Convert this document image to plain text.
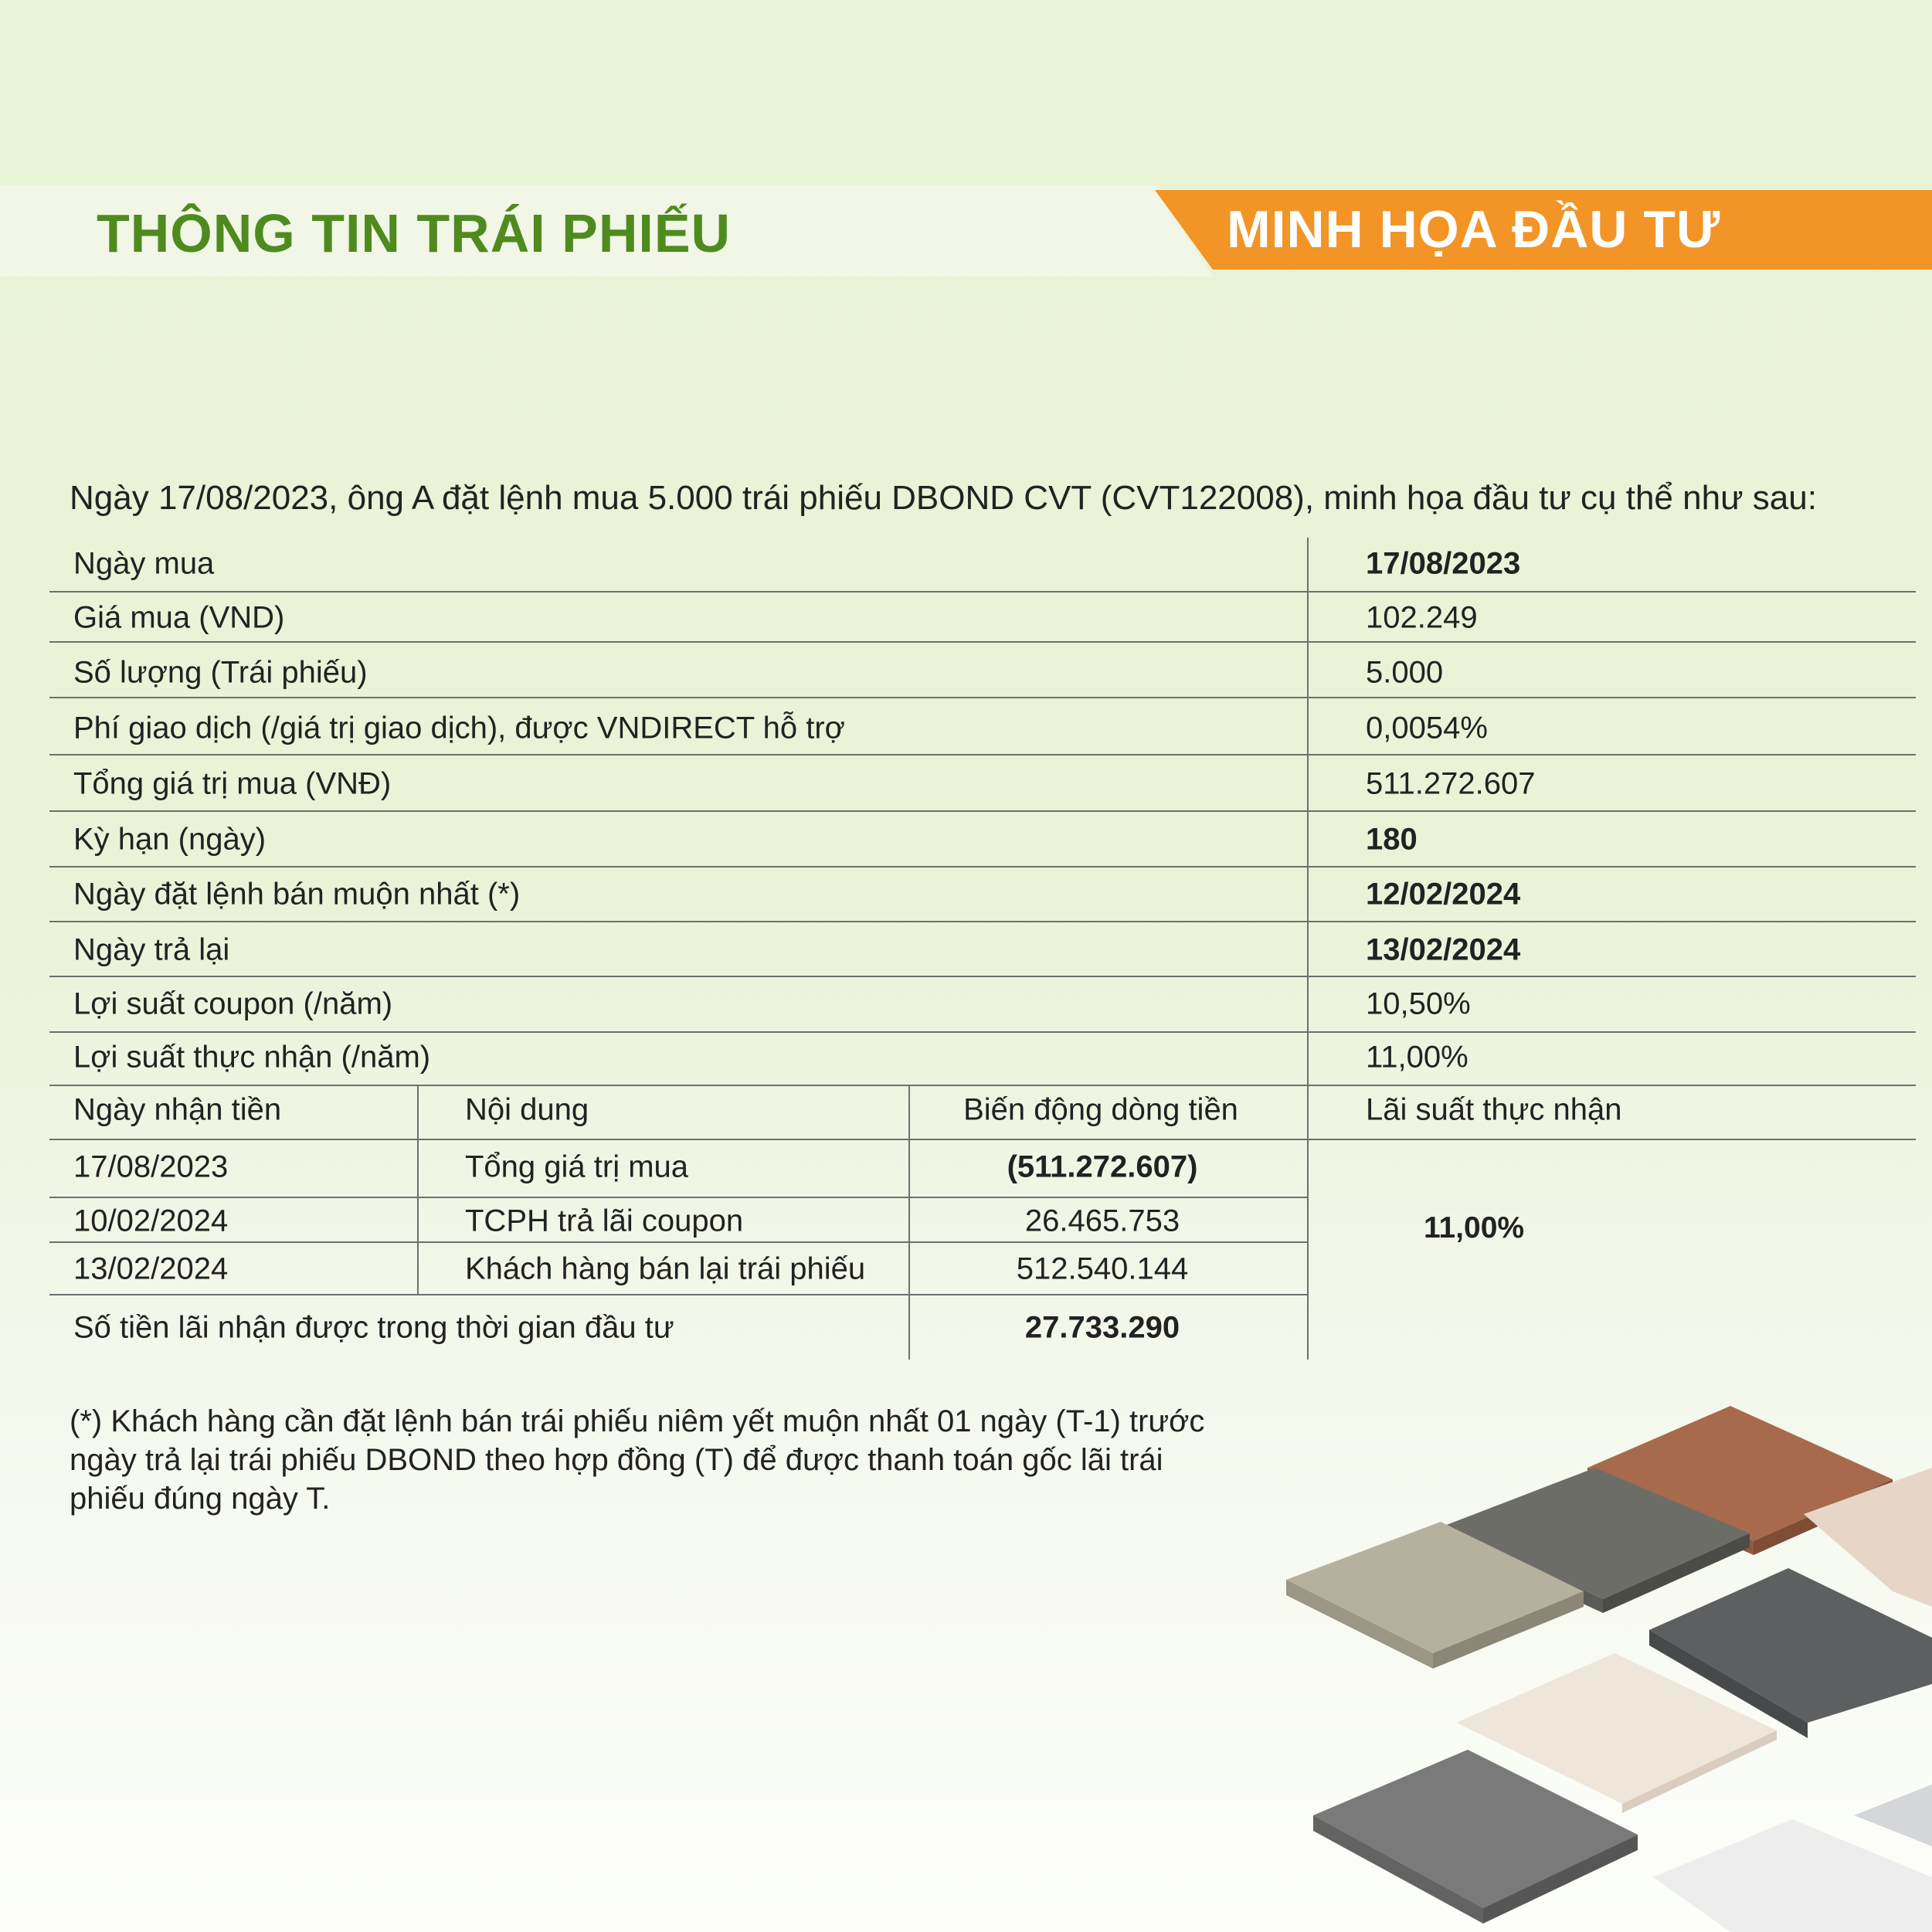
THÔNG TIN TRÁI PHIẾU	MINH HỌA ĐẦU TƯ
Ngày 17/08/2023, ông A đặt lệnh mua 5.000 trái phiếu DBOND CVT (CVT122008), minh họa đầu tư cụ thể như sau:
Ngày mua	17/08/2023
Giá mua (VND)	102.249
Số lượng (Trái phiếu)	5.000
Phí giao dịch (/giá trị giao dịch), được VNDIRECT hỗ trợ	0,0054%
Tổng giá trị mua (VNĐ)	511.272.607
Kỳ hạn (ngày)	180
Ngày đặt lệnh bán muộn nhất (*)	12/02/2024
Ngày trả lại	13/02/2024
Lợi suất coupon (/năm)	10,50%
Lợi suất thực nhận (/năm)	11,00%
Ngày nhận tiền	Nội dung	Biến động dòng tiền	Lãi suất thực nhận
17/08/2023	Tổng giá trị mua	(511.272.607)
10/02/2024	TCPH trả lãi coupon	26.465.753
13/02/2024	Khách hàng bán lại trái phiếu	512.540.144
11,00%
Số tiền lãi nhận được trong thời gian đầu tư	27.733.290
(*) Khách hàng cần đặt lệnh bán trái phiếu niêm yết muộn nhất 01 ngày (T-1) trước ngày trả lại trái phiếu DBOND theo hợp đồng (T) để được thanh toán gốc lãi trái phiếu đúng ngày T.
